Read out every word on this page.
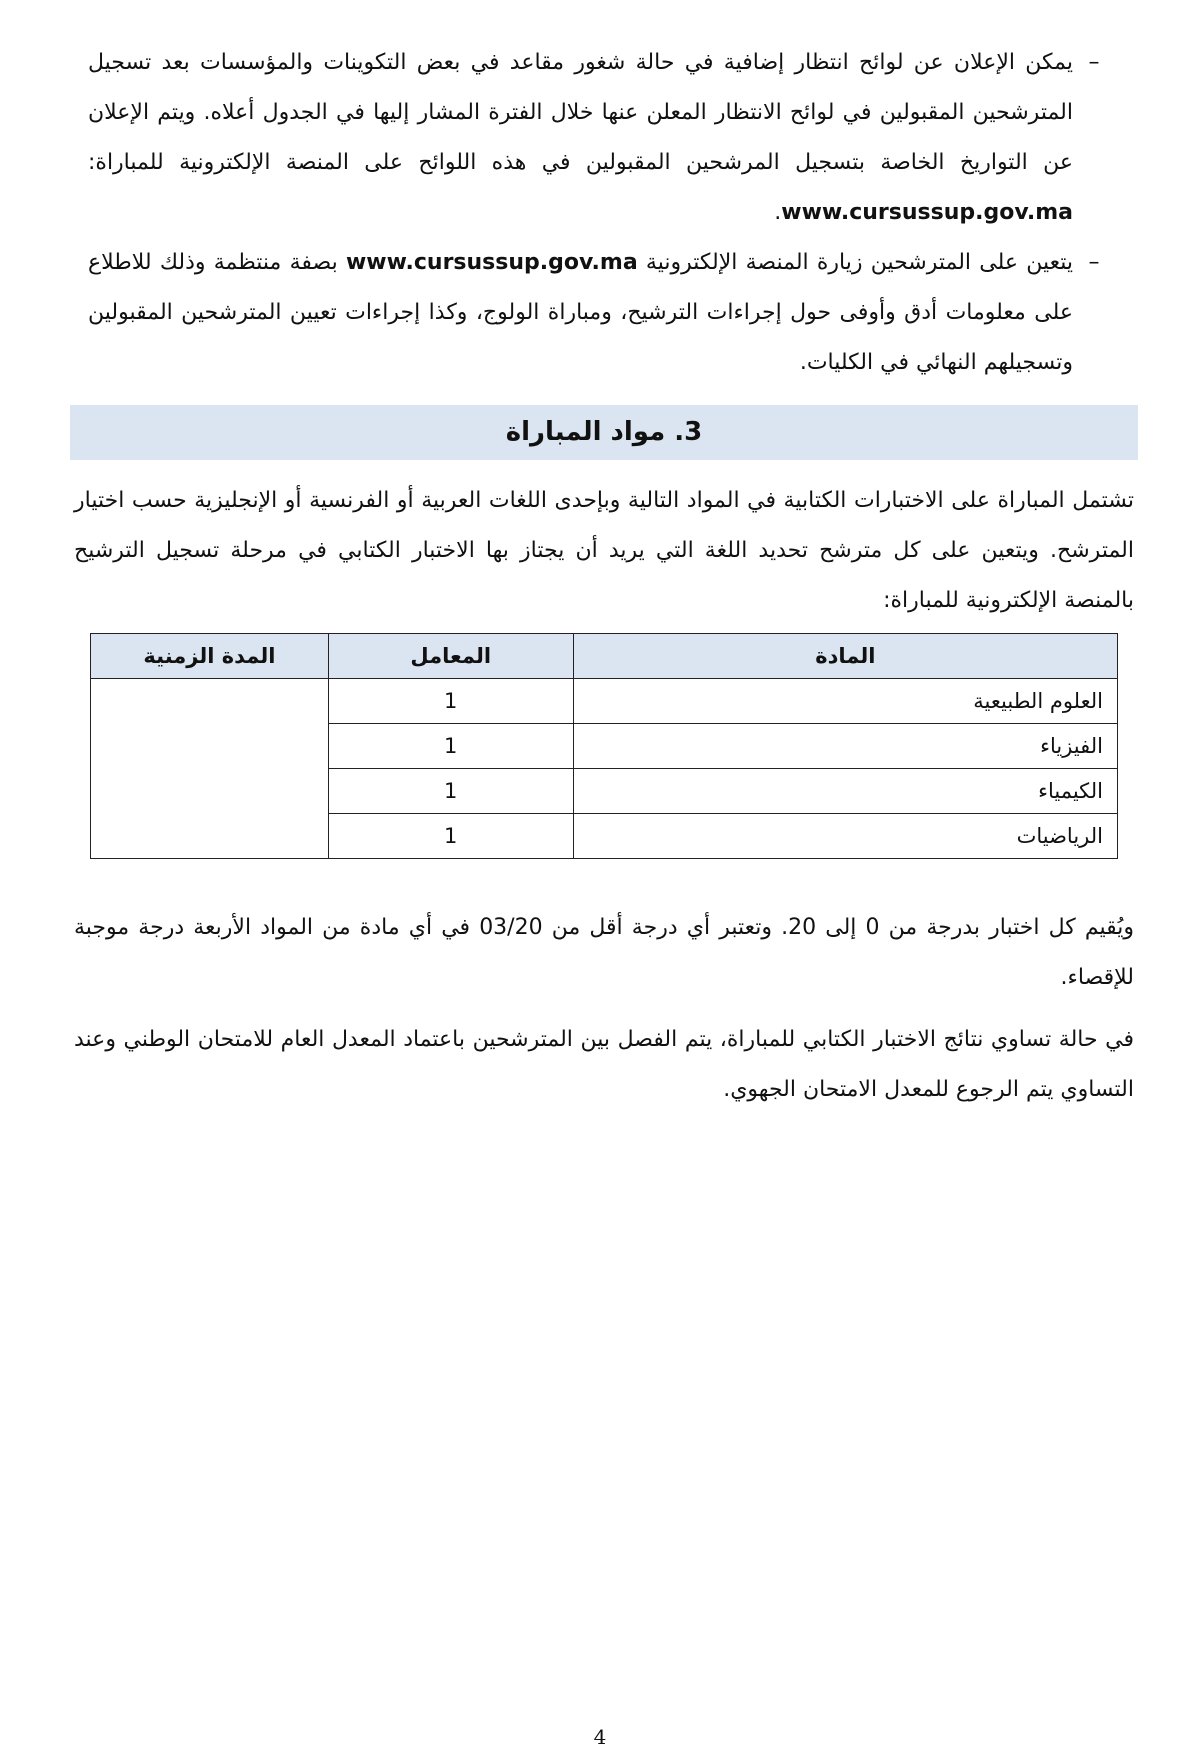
–
يمكن الإعلان عن لوائح انتظار إضافية في حالة شغور مقاعد في بعض التكوينات والمؤسسات بعد تسجيل المترشحين المقبولين في لوائح الانتظار المعلن عنها خلال الفترة المشار إليها في الجدول أعلاه. ويتم الإعلان عن التواريخ الخاصة بتسجيل المرشحين المقبولين في هذه اللوائح على المنصة الإلكترونية للمباراة: www.cursussup.gov.ma.
–
يتعين على المترشحين زيارة المنصة الإلكترونية www.cursussup.gov.ma بصفة منتظمة وذلك للاطلاع على معلومات أدق وأوفى حول إجراءات الترشيح، ومباراة الولوج، وكذا إجراءات تعيين المترشحين المقبولين وتسجيلهم النهائي في الكليات.
3. مواد المباراة
تشتمل المباراة على الاختبارات الكتابية في المواد التالية وبإحدى اللغات العربية أو الفرنسية أو الإنجليزية حسب اختيار المترشح. ويتعين على كل مترشح تحديد اللغة التي يريد أن يجتاز بها الاختبار الكتابي في مرحلة تسجيل الترشيح بالمنصة الإلكترونية للمباراة:
المادة	المعامل	المدة الزمنية
العلوم الطبيعية	1	
الفيزياء	1	
الكيمياء	1	
الرياضيات	1	
ويُقيم كل اختبار بدرجة من 0 إلى 20. وتعتبر أي درجة أقل من 03/20 في أي مادة من المواد الأربعة درجة موجبة للإقصاء.
في حالة تساوي نتائج الاختبار الكتابي للمباراة، يتم الفصل بين المترشحين باعتماد المعدل العام للامتحان الوطني وعند التساوي يتم الرجوع للمعدل الامتحان الجهوي.
4
